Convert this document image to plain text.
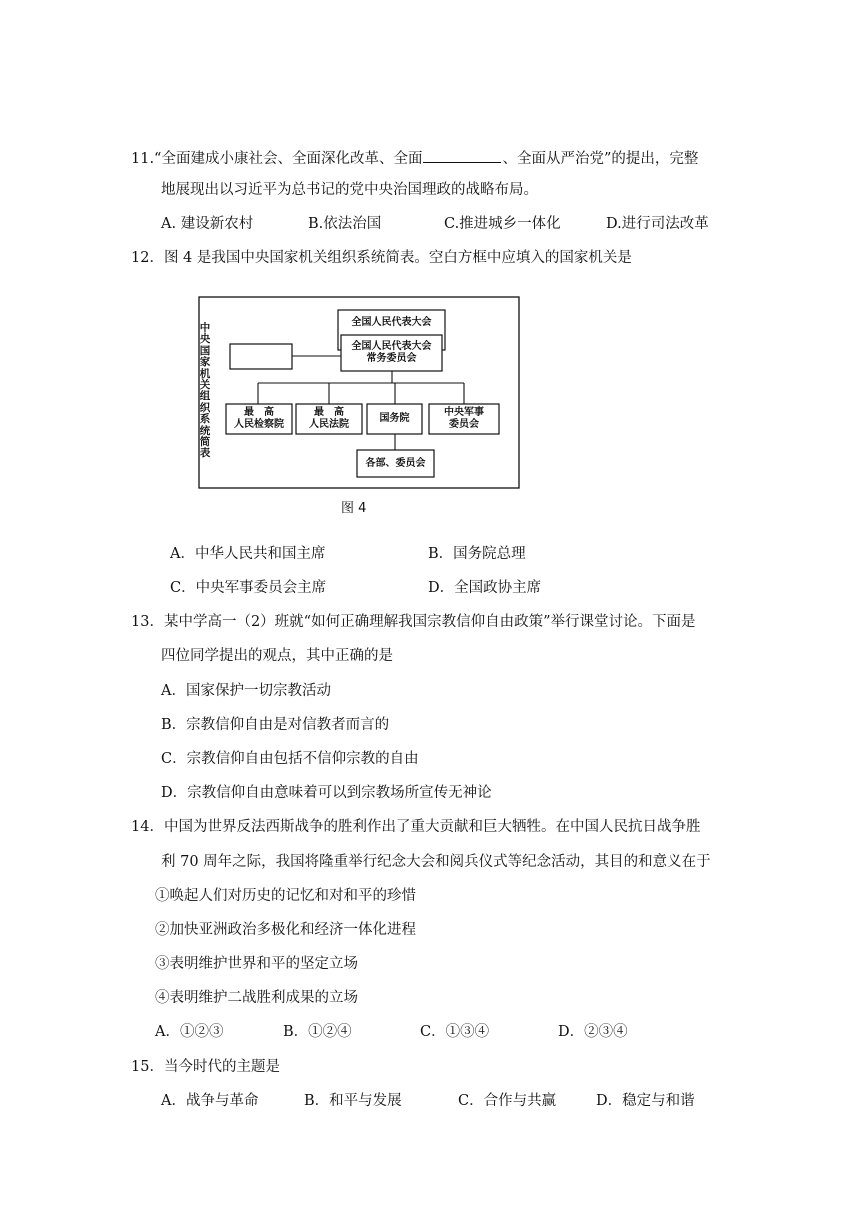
11.“全面建成小康社会、全面深化改革、全面	、全面从严治党”的提出，完整
地展现出以习近平为总书记的党中央治国理政的战略布局。
A. 建设新农村	B.依法治国	C.推进城乡一体化	D.进行司法改革
12．图 4 是我国中央国家机关组织系统简表。空白方框中应填入的国家机关是
中
央
国
家
机
关
组
织
系
统
简
表
全国人民代表大会
全国人民代表大会
常务委员会
最　高
人民检察院
最　高
人民法院
国务院
中央军事
委员会
各部、委员会
图 4
A．中华人民共和国主席	B．国务院总理
C．中央军事委员会主席	D．全国政协主席
13．某中学高一（2）班就“如何正确理解我国宗教信仰自由政策”举行课堂讨论。下面是
四位同学提出的观点，其中正确的是
A．国家保护一切宗教活动
B．宗教信仰自由是对信教者而言的
C．宗教信仰自由包括不信仰宗教的自由
D．宗教信仰自由意味着可以到宗教场所宣传无神论
14．中国为世界反法西斯战争的胜利作出了重大贡献和巨大牺牲。在中国人民抗日战争胜
利 70 周年之际，我国将隆重举行纪念大会和阅兵仪式等纪念活动，其目的和意义在于
①唤起人们对历史的记忆和对和平的珍惜
②加快亚洲政治多极化和经济一体化进程
③表明维护世界和平的坚定立场
④表明维护二战胜利成果的立场
A．①②③	B．①②④	C．①③④	D．②③④
15．当今时代的主题是
A．战争与革命	B．和平与发展	C．合作与共赢	D．稳定与和谐
